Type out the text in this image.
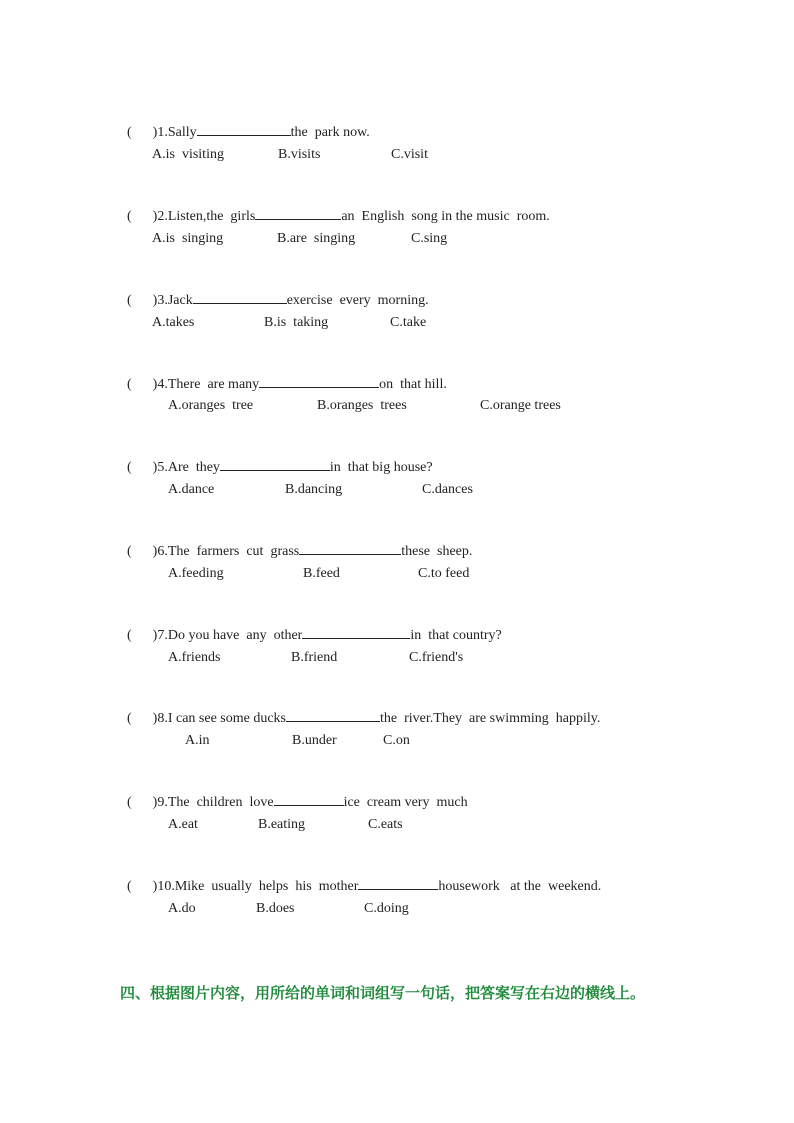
(      )1.Sally	the  park now.

A.is  visiting

	B.visits

	C.visit

(      )2.Listen,the  girls	an  English  song in the music  room.

A.is  singing

	B.are  singing

	C.sing

(      )3.Jack	exercise  every  morning.

A.takes

	B.is  taking

	C.take

(      )4.There  are many	on  that hill.

A.oranges  tree

	B.oranges  trees

	C.orange trees

(      )5.Are  they	in  that big house?

A.dance

	B.dancing

	C.dances

(      )6.The  farmers  cut  grass	these  sheep.

A.feeding

	B.feed

	C.to feed

(      )7.Do you have  any  other	in  that country?

A.friends

	B.friend

	C.friend's

(      )8.I can see some ducks	the  river.They  are swimming  happily.

A.in

	B.under

	C.on

(      )9.The  children  love	ice  cream very  much

A.eat

	B.eating

	C.eats

(      )10.Mike  usually  helps  his  mother	housework   at the  weekend.

A.do

	B.does

	C.doing

四、根据图片内容，用所给的单词和词组写一句话，把答案写在右边的横线上。
